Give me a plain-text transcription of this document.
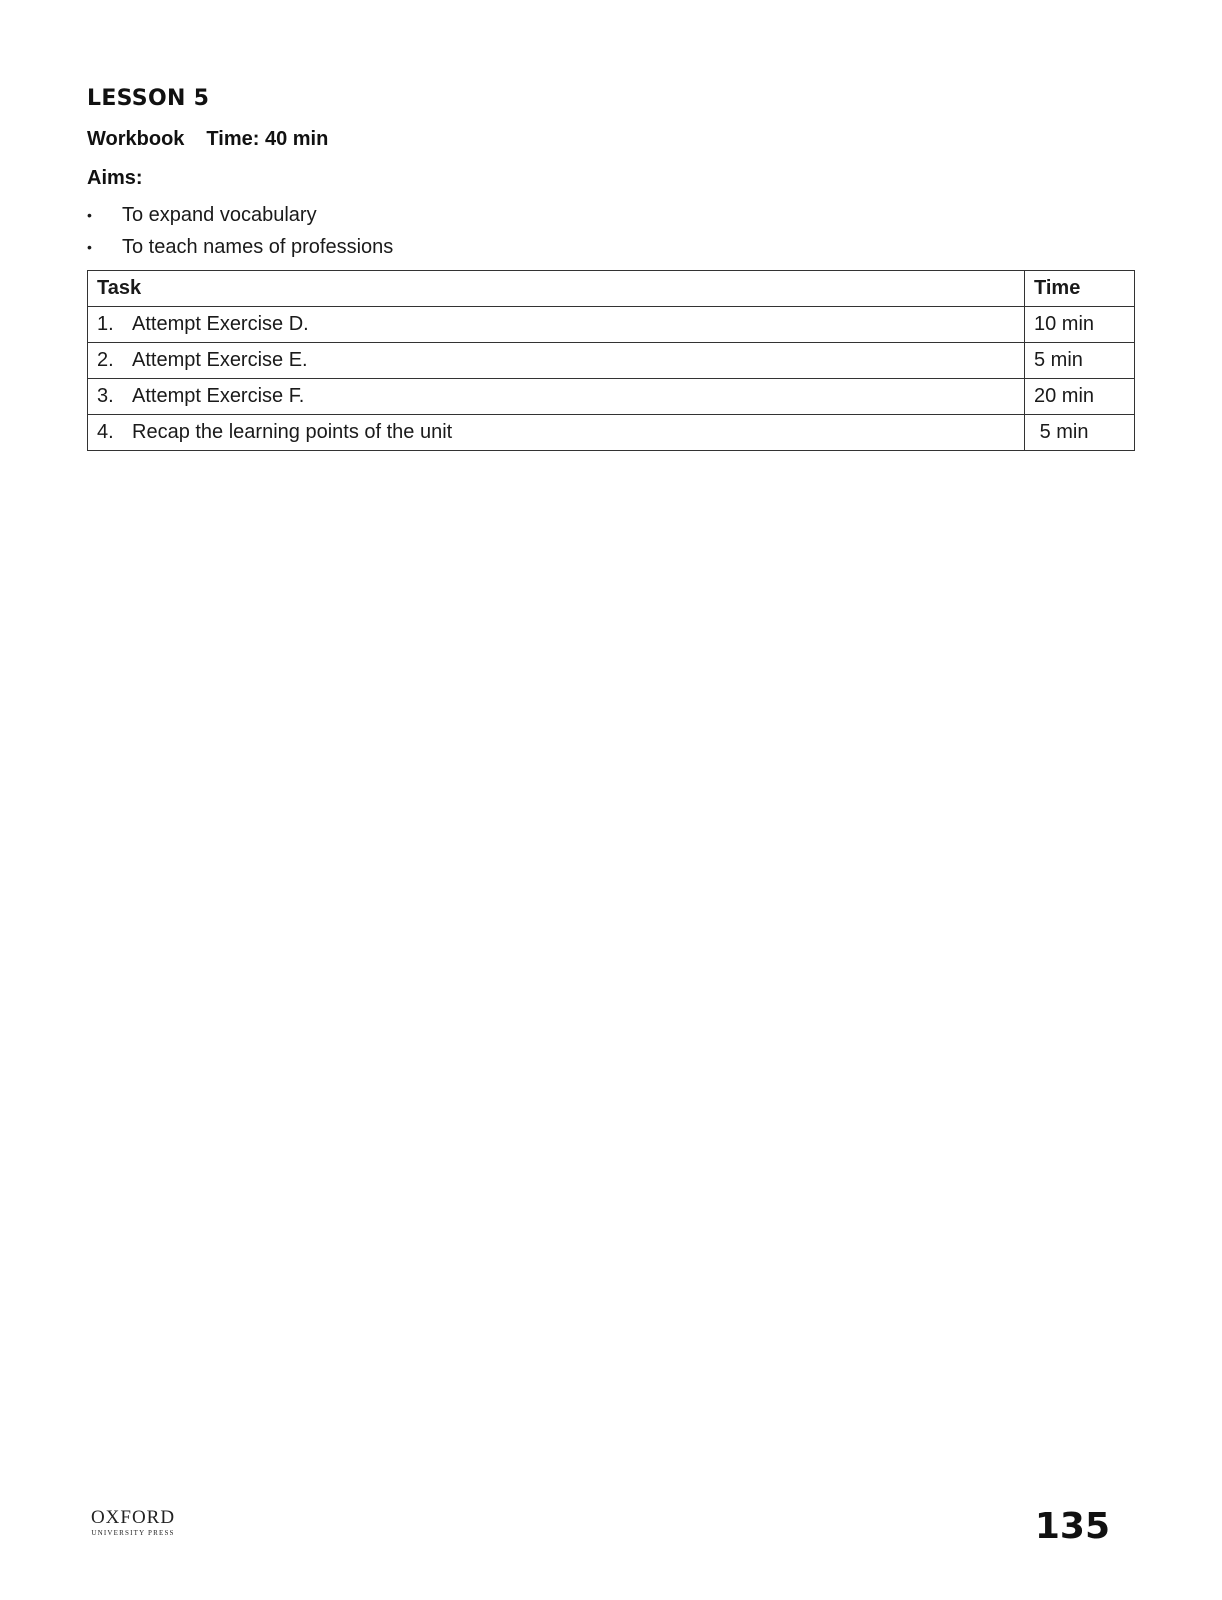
LESSON 5
Workbook Time: 40 min
Aims:
• To expand vocabulary
• To teach names of professions
Task	Time
1. Attempt Exercise D.	10 min
2. Attempt Exercise E.	5 min
3. Attempt Exercise F.	20 min
4. Recap the learning points of the unit	5 min
OXFORD
UNIVERSITY PRESS	135
